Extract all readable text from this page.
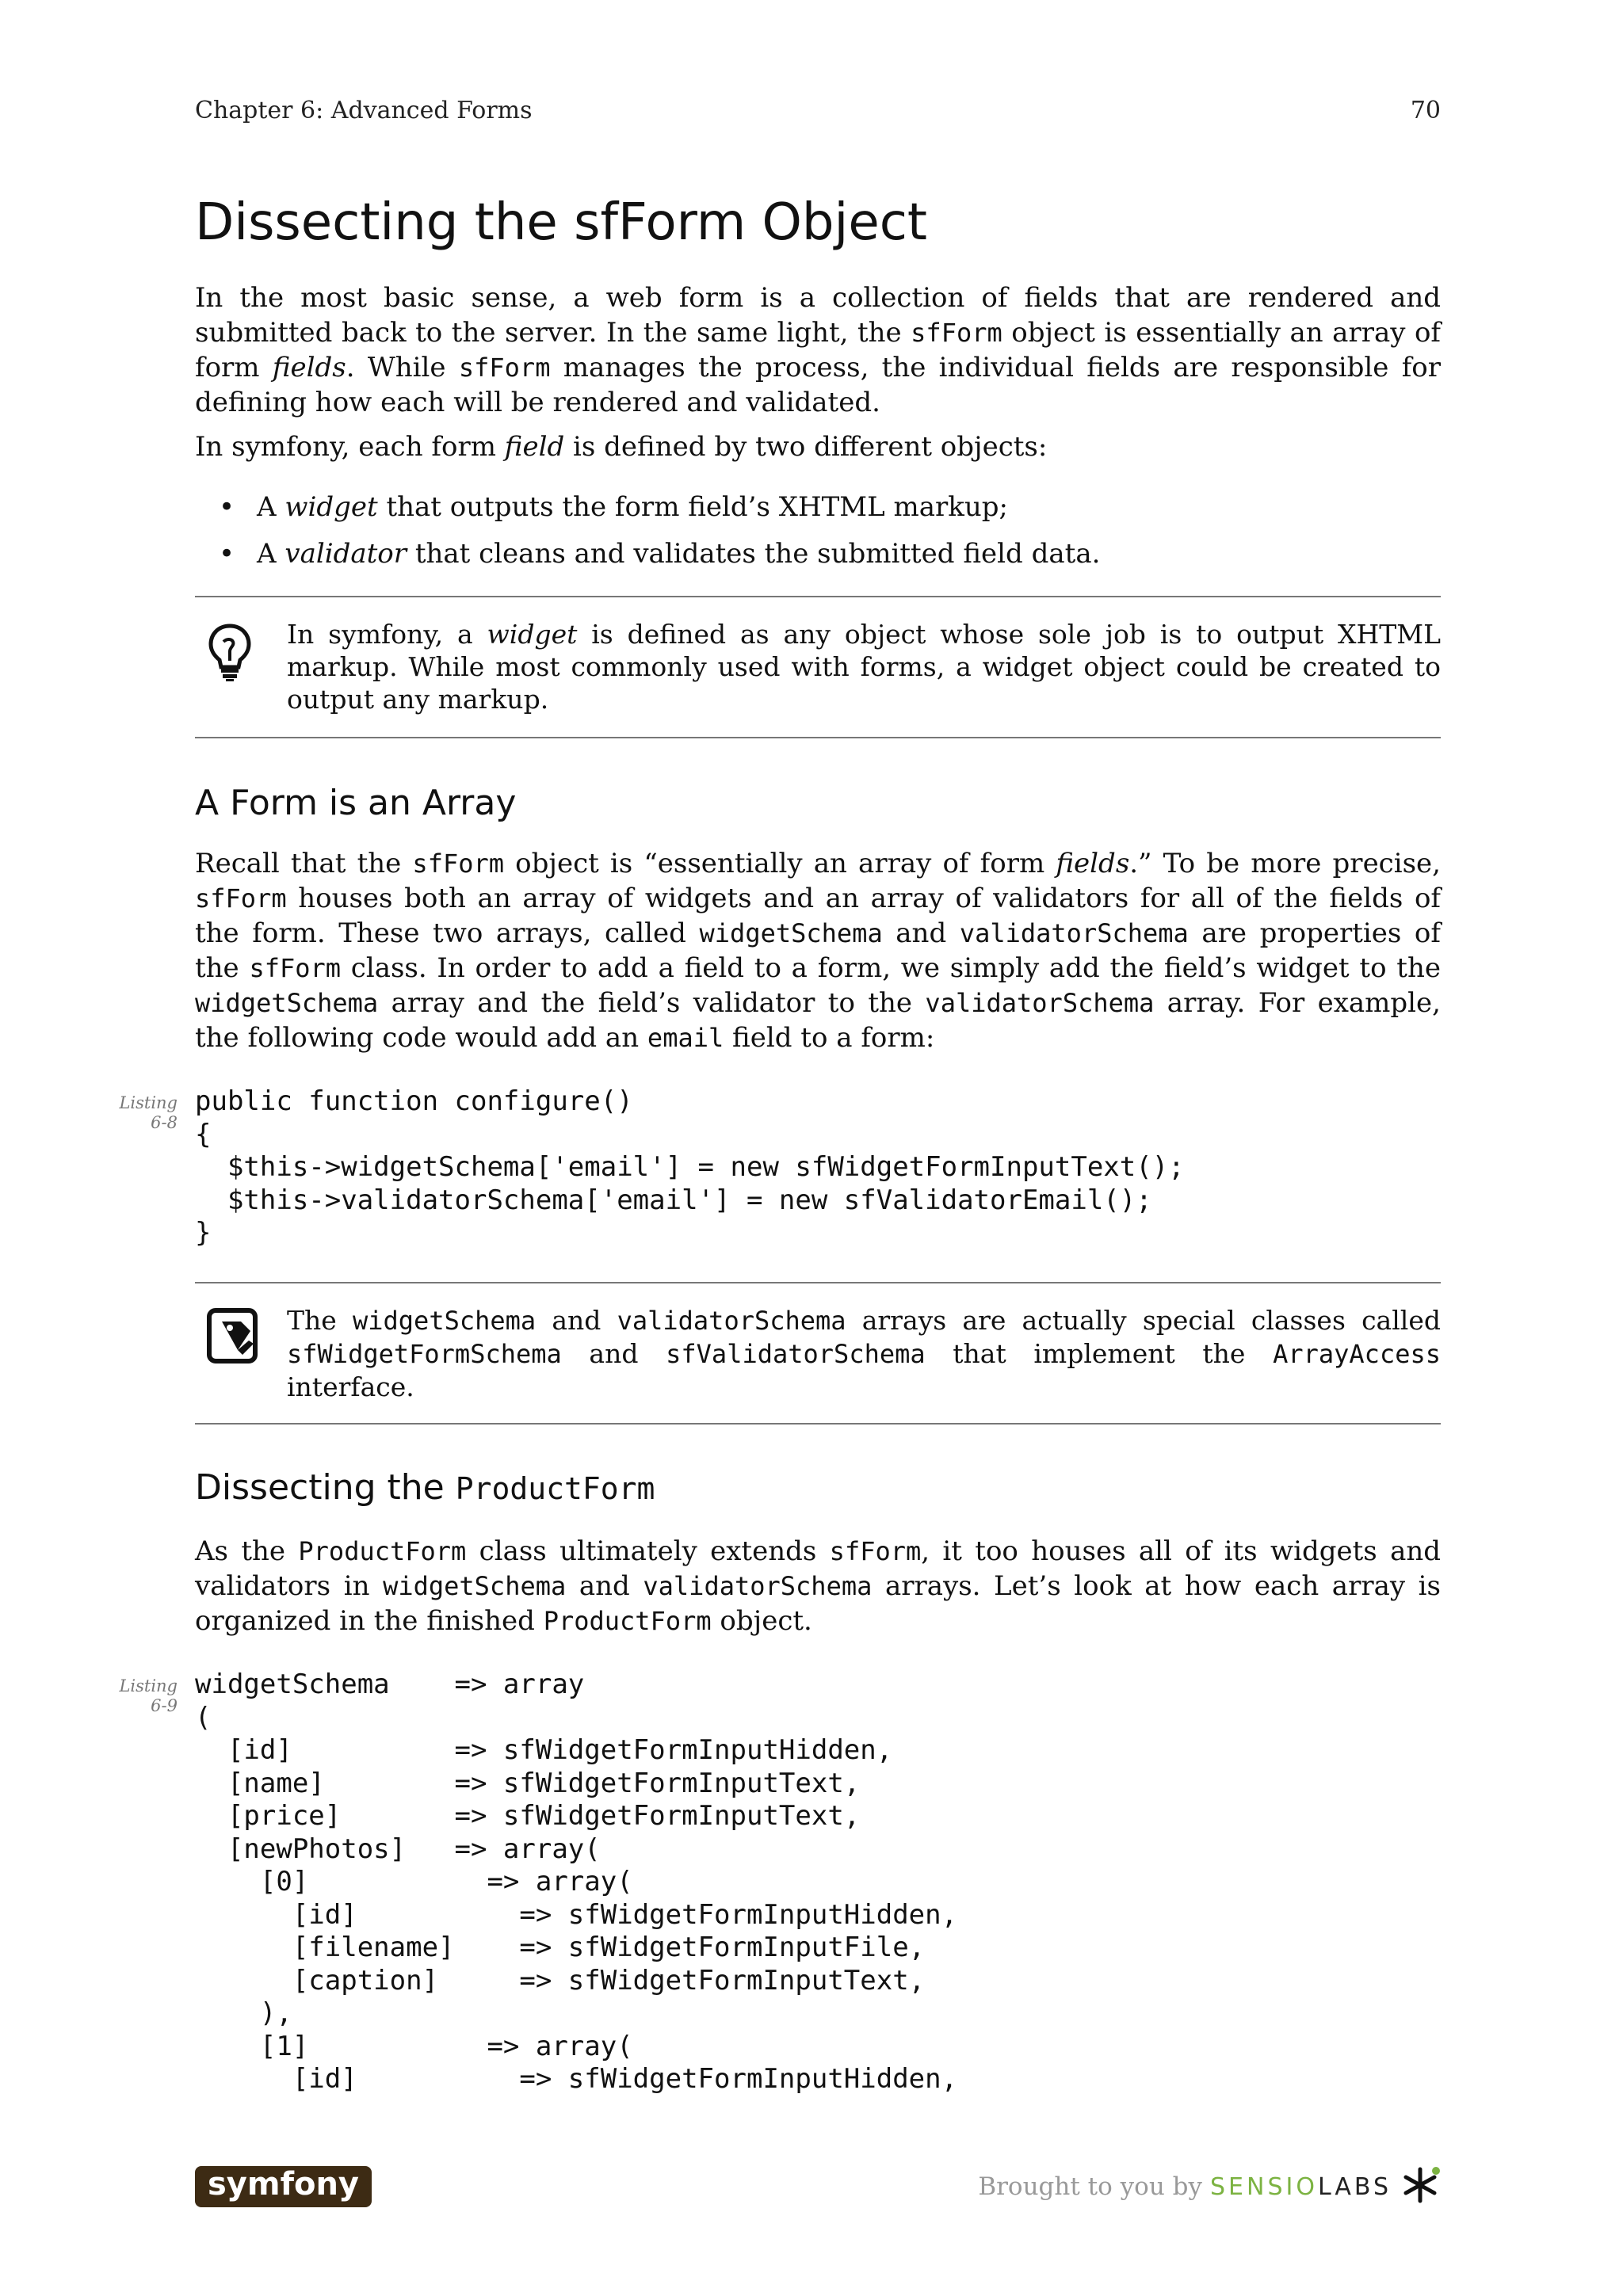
Chapter 6: Advanced Forms	70
Dissecting the sfForm Object

In the most basic sense, a web form is a collection of fields that are rendered and submitted back to the server. In the same light, the sfForm object is essentially an array of form fields. While sfForm manages the process, the individual fields are responsible for defining how each will be rendered and validated.

In symfony, each form field is defined by two different objects:

• A widget that outputs the form field’s XHTML markup;
• A validator that cleans and validates the submitted field data.
In symfony, a widget is defined as any object whose sole job is to output XHTML markup. While most commonly used with forms, a widget object could be created to output any markup.
A Form is an Array

Recall that the sfForm object is “essentially an array of form fields.” To be more precise, sfForm houses both an array of widgets and an array of validators for all of the fields of the form. These two arrays, called widgetSchema and validatorSchema are properties of the sfForm class. In order to add a field to a form, we simply add the field’s widget to the widgetSchema array and the field’s validator to the validatorSchema array. For example, the following code would add an email field to a form:

Listing
6-8
public function configure()
{
$this->widgetSchema['email'] = new sfWidgetFormInputText();
$this->validatorSchema['email'] = new sfValidatorEmail();
}
The widgetSchema and validatorSchema arrays are actually special classes called sfWidgetFormSchema and sfValidatorSchema that implement the ArrayAccess interface.
Dissecting the ProductForm

As the ProductForm class ultimately extends sfForm, it too houses all of its widgets and validators in widgetSchema and validatorSchema arrays. Let’s look at how each array is organized in the finished ProductForm object.

Listing
6-9
widgetSchema    => array
(
[id]          => sfWidgetFormInputHidden,
[name]        => sfWidgetFormInputText,
[price]       => sfWidgetFormInputText,
[newPhotos]   => array(
[0]           => array(
[id]          => sfWidgetFormInputHidden,
[filename]    => sfWidgetFormInputFile,
[caption]     => sfWidgetFormInputText,
),
[1]           => array(
[id]          => sfWidgetFormInputHidden,
symfony	Brought to you by SENSIOLABS
